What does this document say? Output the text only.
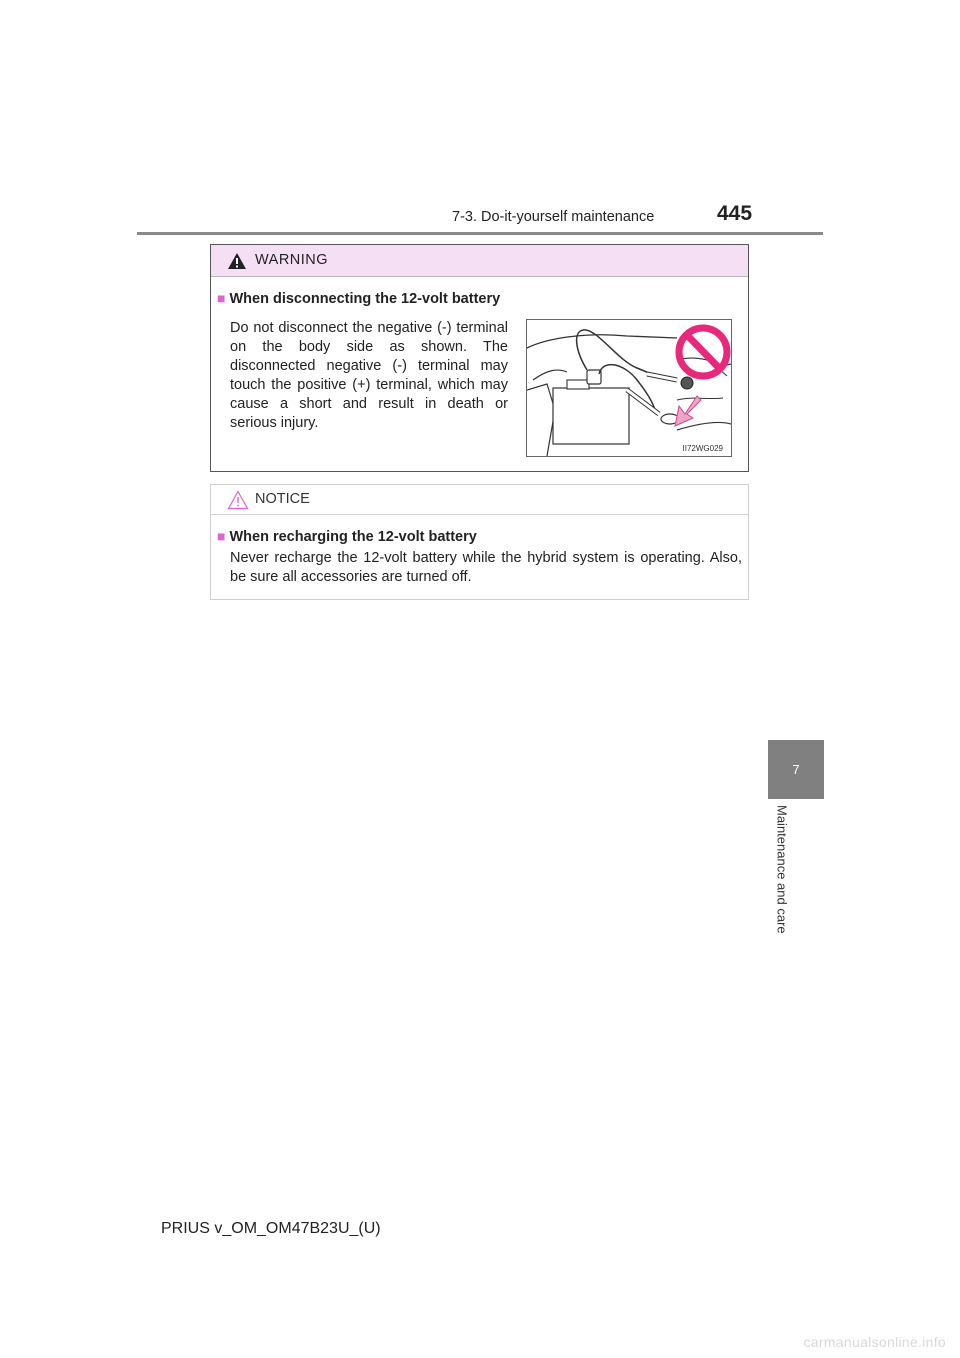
7-3. Do-it-yourself maintenance	445
7
Maintenance and care
WARNING
■ When disconnecting the 12-volt battery
Do not disconnect the negative (-) terminal on the body side as shown. The disconnected negative (-) terminal may touch the positive (+) terminal, which may cause a short and result in death or serious injury.
II72WG029
NOTICE
■ When recharging the 12-volt battery
Never recharge the 12-volt battery while the hybrid system is operating. Also, be sure all accessories are turned off.
PRIUS v_OM_OM47B23U_(U)
carmanualsonline.info
